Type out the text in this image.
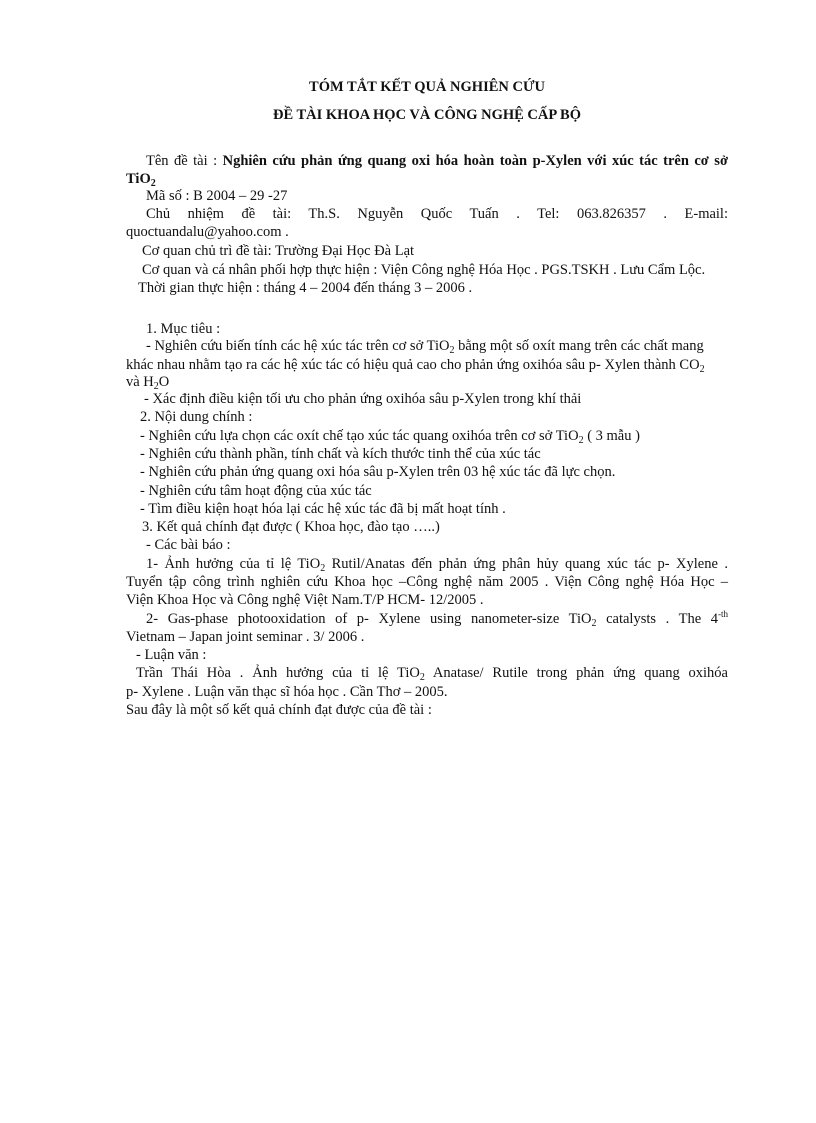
TÓM TẮT KẾT QUẢ NGHIÊN CỨU
ĐỀ TÀI KHOA HỌC VÀ CÔNG NGHỆ CẤP BỘ
Tên đề tài : Nghiên cứu phản ứng quang oxi hóa hoàn toàn p-Xylen với xúc tác trên cơ sở
TiO$_2$
Mã số : B 2004 – 29 -27
Chủ nhiệm đề tài: Th.S. Nguyễn Quốc Tuấn . Tel: 063.826357 . E-mail:
quoctuandalu@yahoo.com .
Cơ quan chủ trì đề tài: Trường Đại Học Đà Lạt
Cơ quan và cá nhân phối hợp thực hiện : Viện Công nghệ Hóa Học . PGS.TSKH . Lưu Cẩm Lộc.
Thời gian thực hiện : tháng 4 – 2004 đến tháng 3 – 2006 .
1. Mục tiêu :
- Nghiên cứu biến tính các hệ xúc tác trên cơ sở TiO$_2$ bằng một số oxít mang trên các chất mang
khác nhau nhằm tạo ra các hệ xúc tác có hiệu quả cao cho phản ứng oxihóa sâu p- Xylen thành $CO_2$
và $H_2O$
- Xác định điều kiện tối ưu cho phản ứng oxihóa sâu p-Xylen trong khí thải
2. Nội dung chính :
- Nghiên cứu lựa chọn các oxít chế tạo xúc tác quang oxihóa trên cơ sở TiO$_2$ ( 3 mẫu )
- Nghiên cứu thành phần, tính chất và kích thước tinh thể của xúc tác
- Nghiên cứu phản ứng quang oxi hóa sâu p-Xylen trên 03 hệ xúc tác đã lực chọn.
- Nghiên cứu tâm hoạt động của xúc tác
- Tìm điều kiện hoạt hóa lại các hệ xúc tác đã bị mất hoạt tính .
3. Kết quả chính đạt được ( Khoa học, đào tạo …..)
- Các bài báo :
1- Ảnh hưởng của tỉ lệ TiO$_2$ Rutil/Anatas đến phản ứng phân hủy quang xúc tác p- Xylene .
Tuyển tập công trình nghiên cứu Khoa học –Công nghệ năm 2005 . Viện Công nghệ Hóa Học –
Viện Khoa Học và Công nghệ Việt Nam.T/P HCM- 12/2005 .
2- Gas-phase photooxidation of p- Xylene using nanometer-size TiO$_2$ catalysts . The $4^{-th}$
Vietnam – Japan joint seminar . 3/ 2006 .
- Luận văn :
Trần Thái Hòa . Ảnh hưởng của tỉ lệ TiO$_2$ Anatase/ Rutile trong phản ứng quang oxihóa
p- Xylene . Luận văn thạc sĩ hóa học . Cần Thơ – 2005.
Sau đây là một số kết quả chính đạt được của đề tài :
